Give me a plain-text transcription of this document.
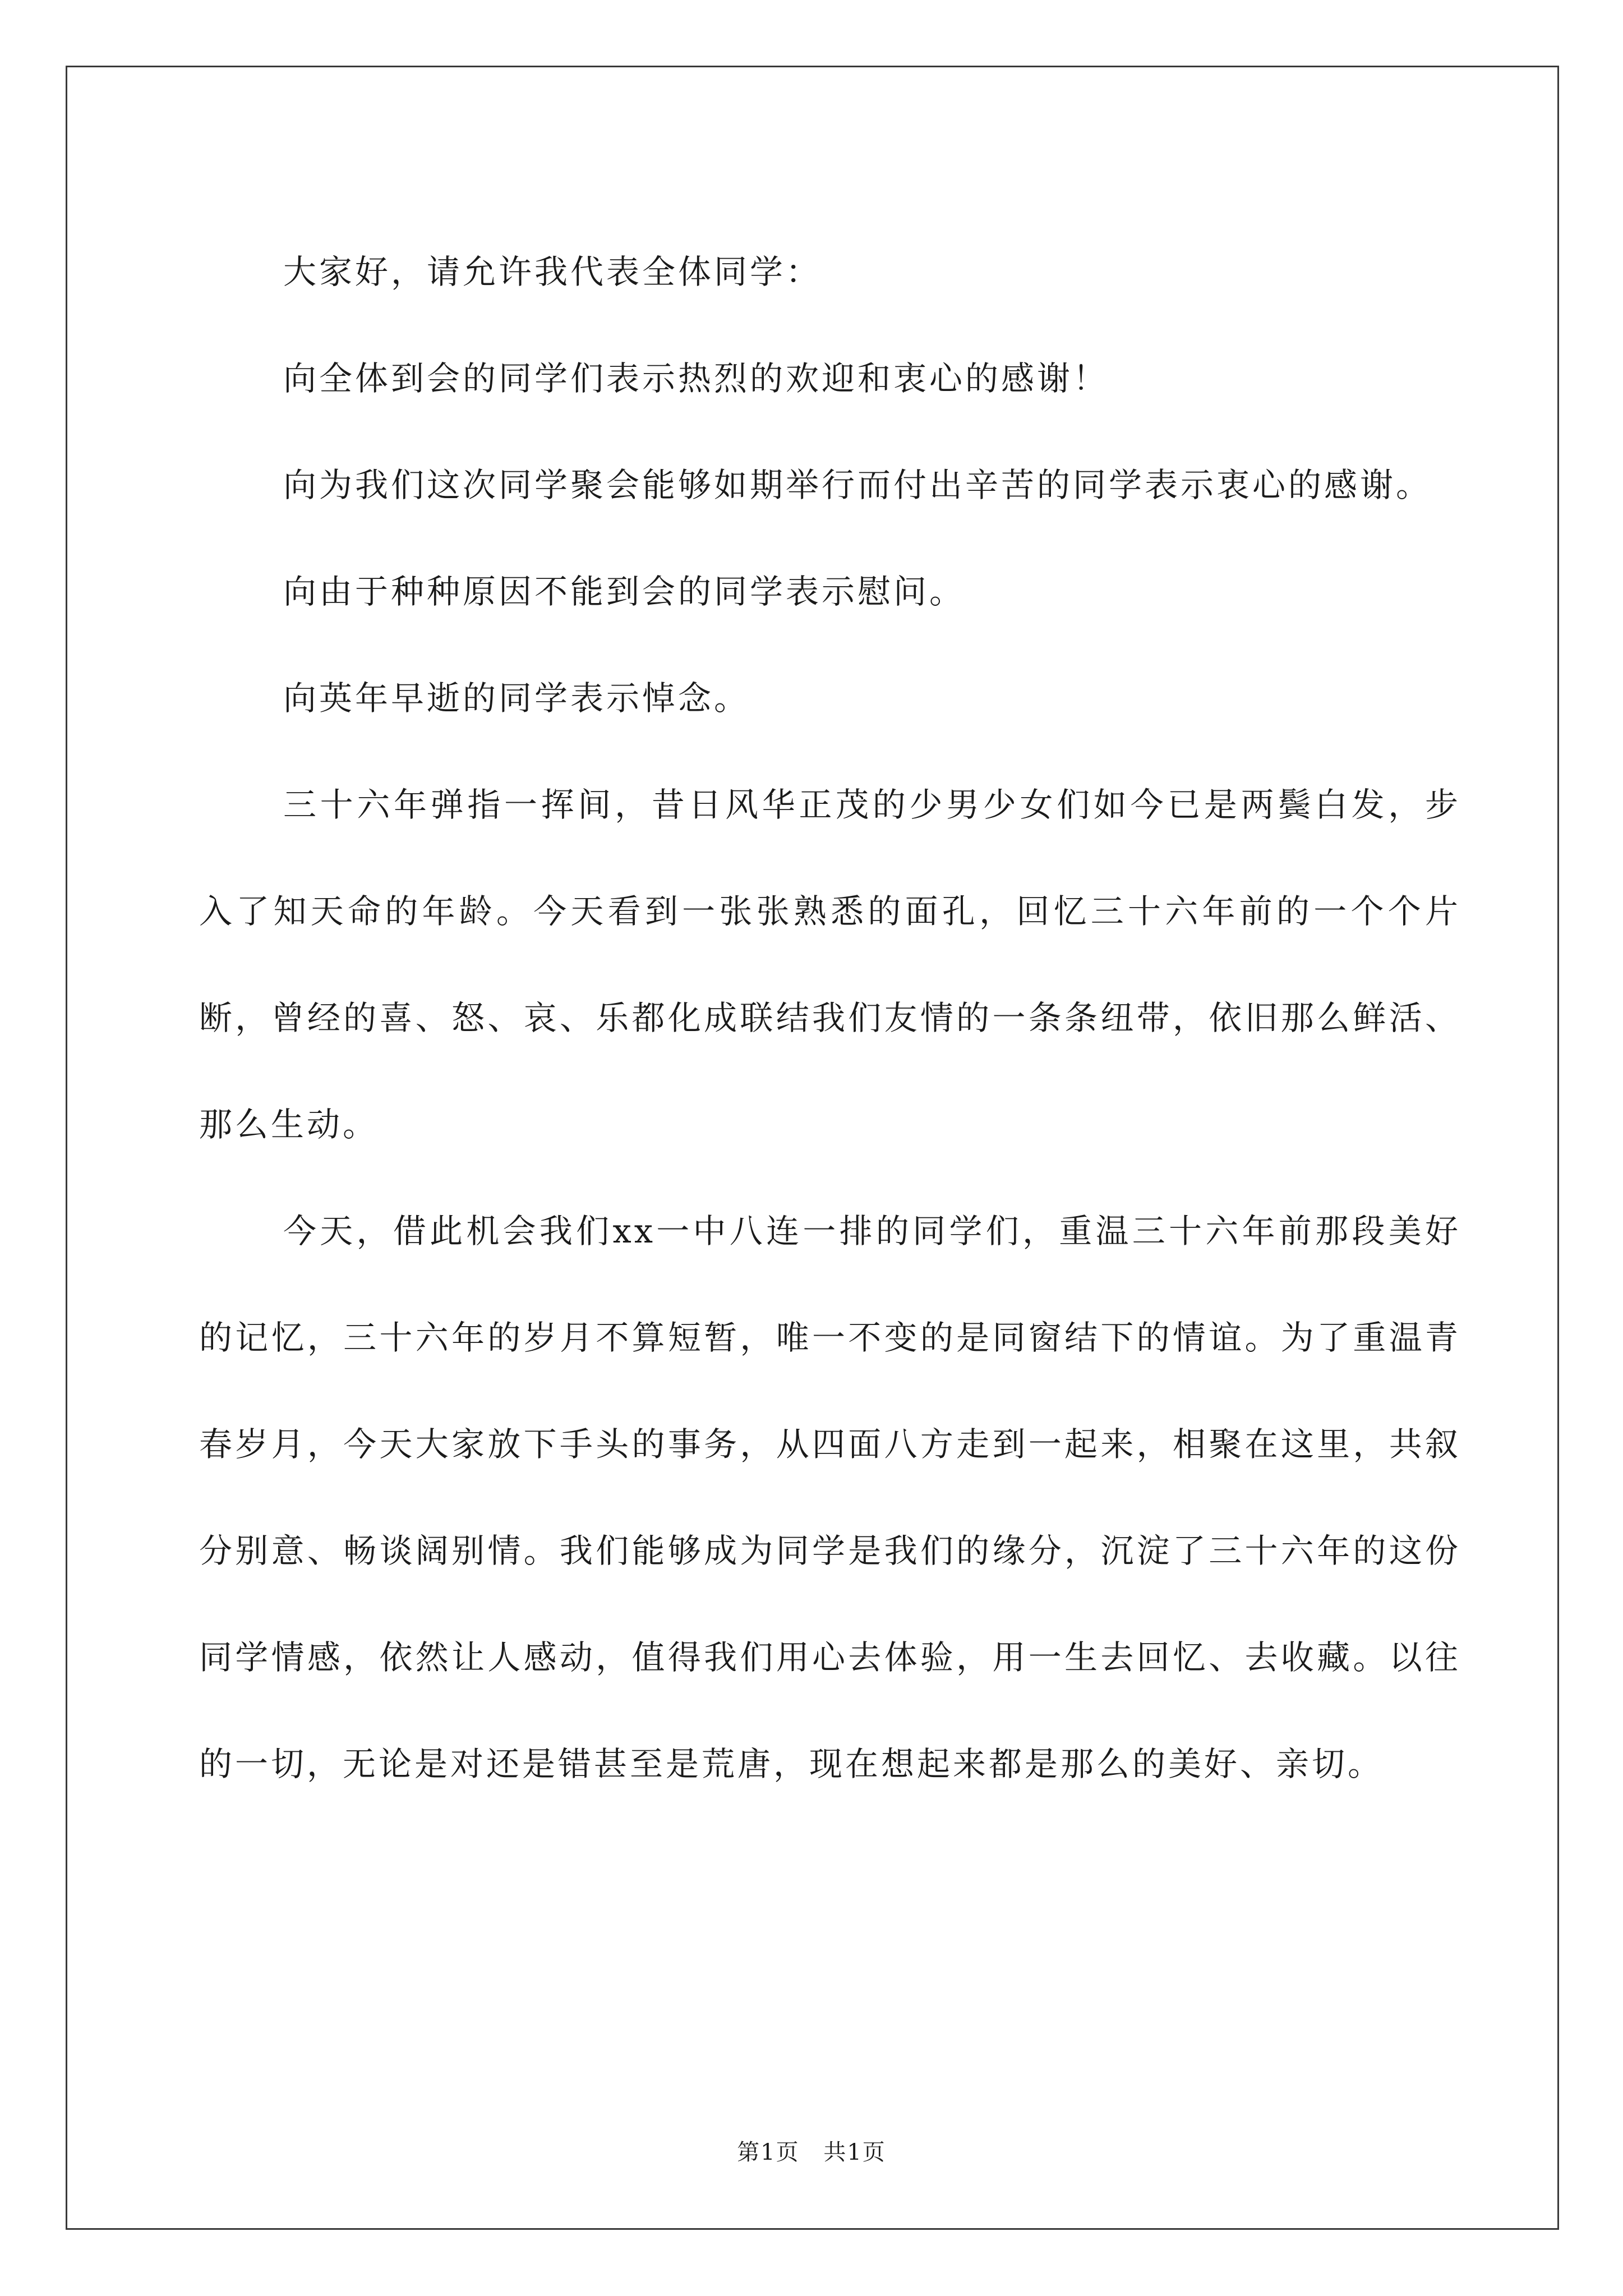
大家好，请允许我代表全体同学：

向全体到会的同学们表示热烈的欢迎和衷心的感谢！

向为我们这次同学聚会能够如期举行而付出辛苦的同学表示衷心的感谢。

向由于种种原因不能到会的同学表示慰问。

向英年早逝的同学表示悼念。

三十六年弹指一挥间，昔日风华正茂的少男少女们如今已是两鬓白发，步入了知天命的年龄。今天看到一张张熟悉的面孔，回忆三十六年前的一个个片断，曾经的喜、怒、哀、乐都化成联结我们友情的一条条纽带，依旧那么鲜活、那么生动。

今天，借此机会我们xx一中八连一排的同学们，重温三十六年前那段美好的记忆，三十六年的岁月不算短暂，唯一不变的是同窗结下的情谊。为了重温青春岁月，今天大家放下手头的事务，从四面八方走到一起来，相聚在这里，共叙分别意、畅谈阔别情。我们能够成为同学是我们的缘分，沉淀了三十六年的这份同学情感，依然让人感动，值得我们用心去体验，用一生去回忆、去收藏。以往的一切，无论是对还是错甚至是荒唐，现在想起来都是那么的美好、亲切。

第1页 共1页
